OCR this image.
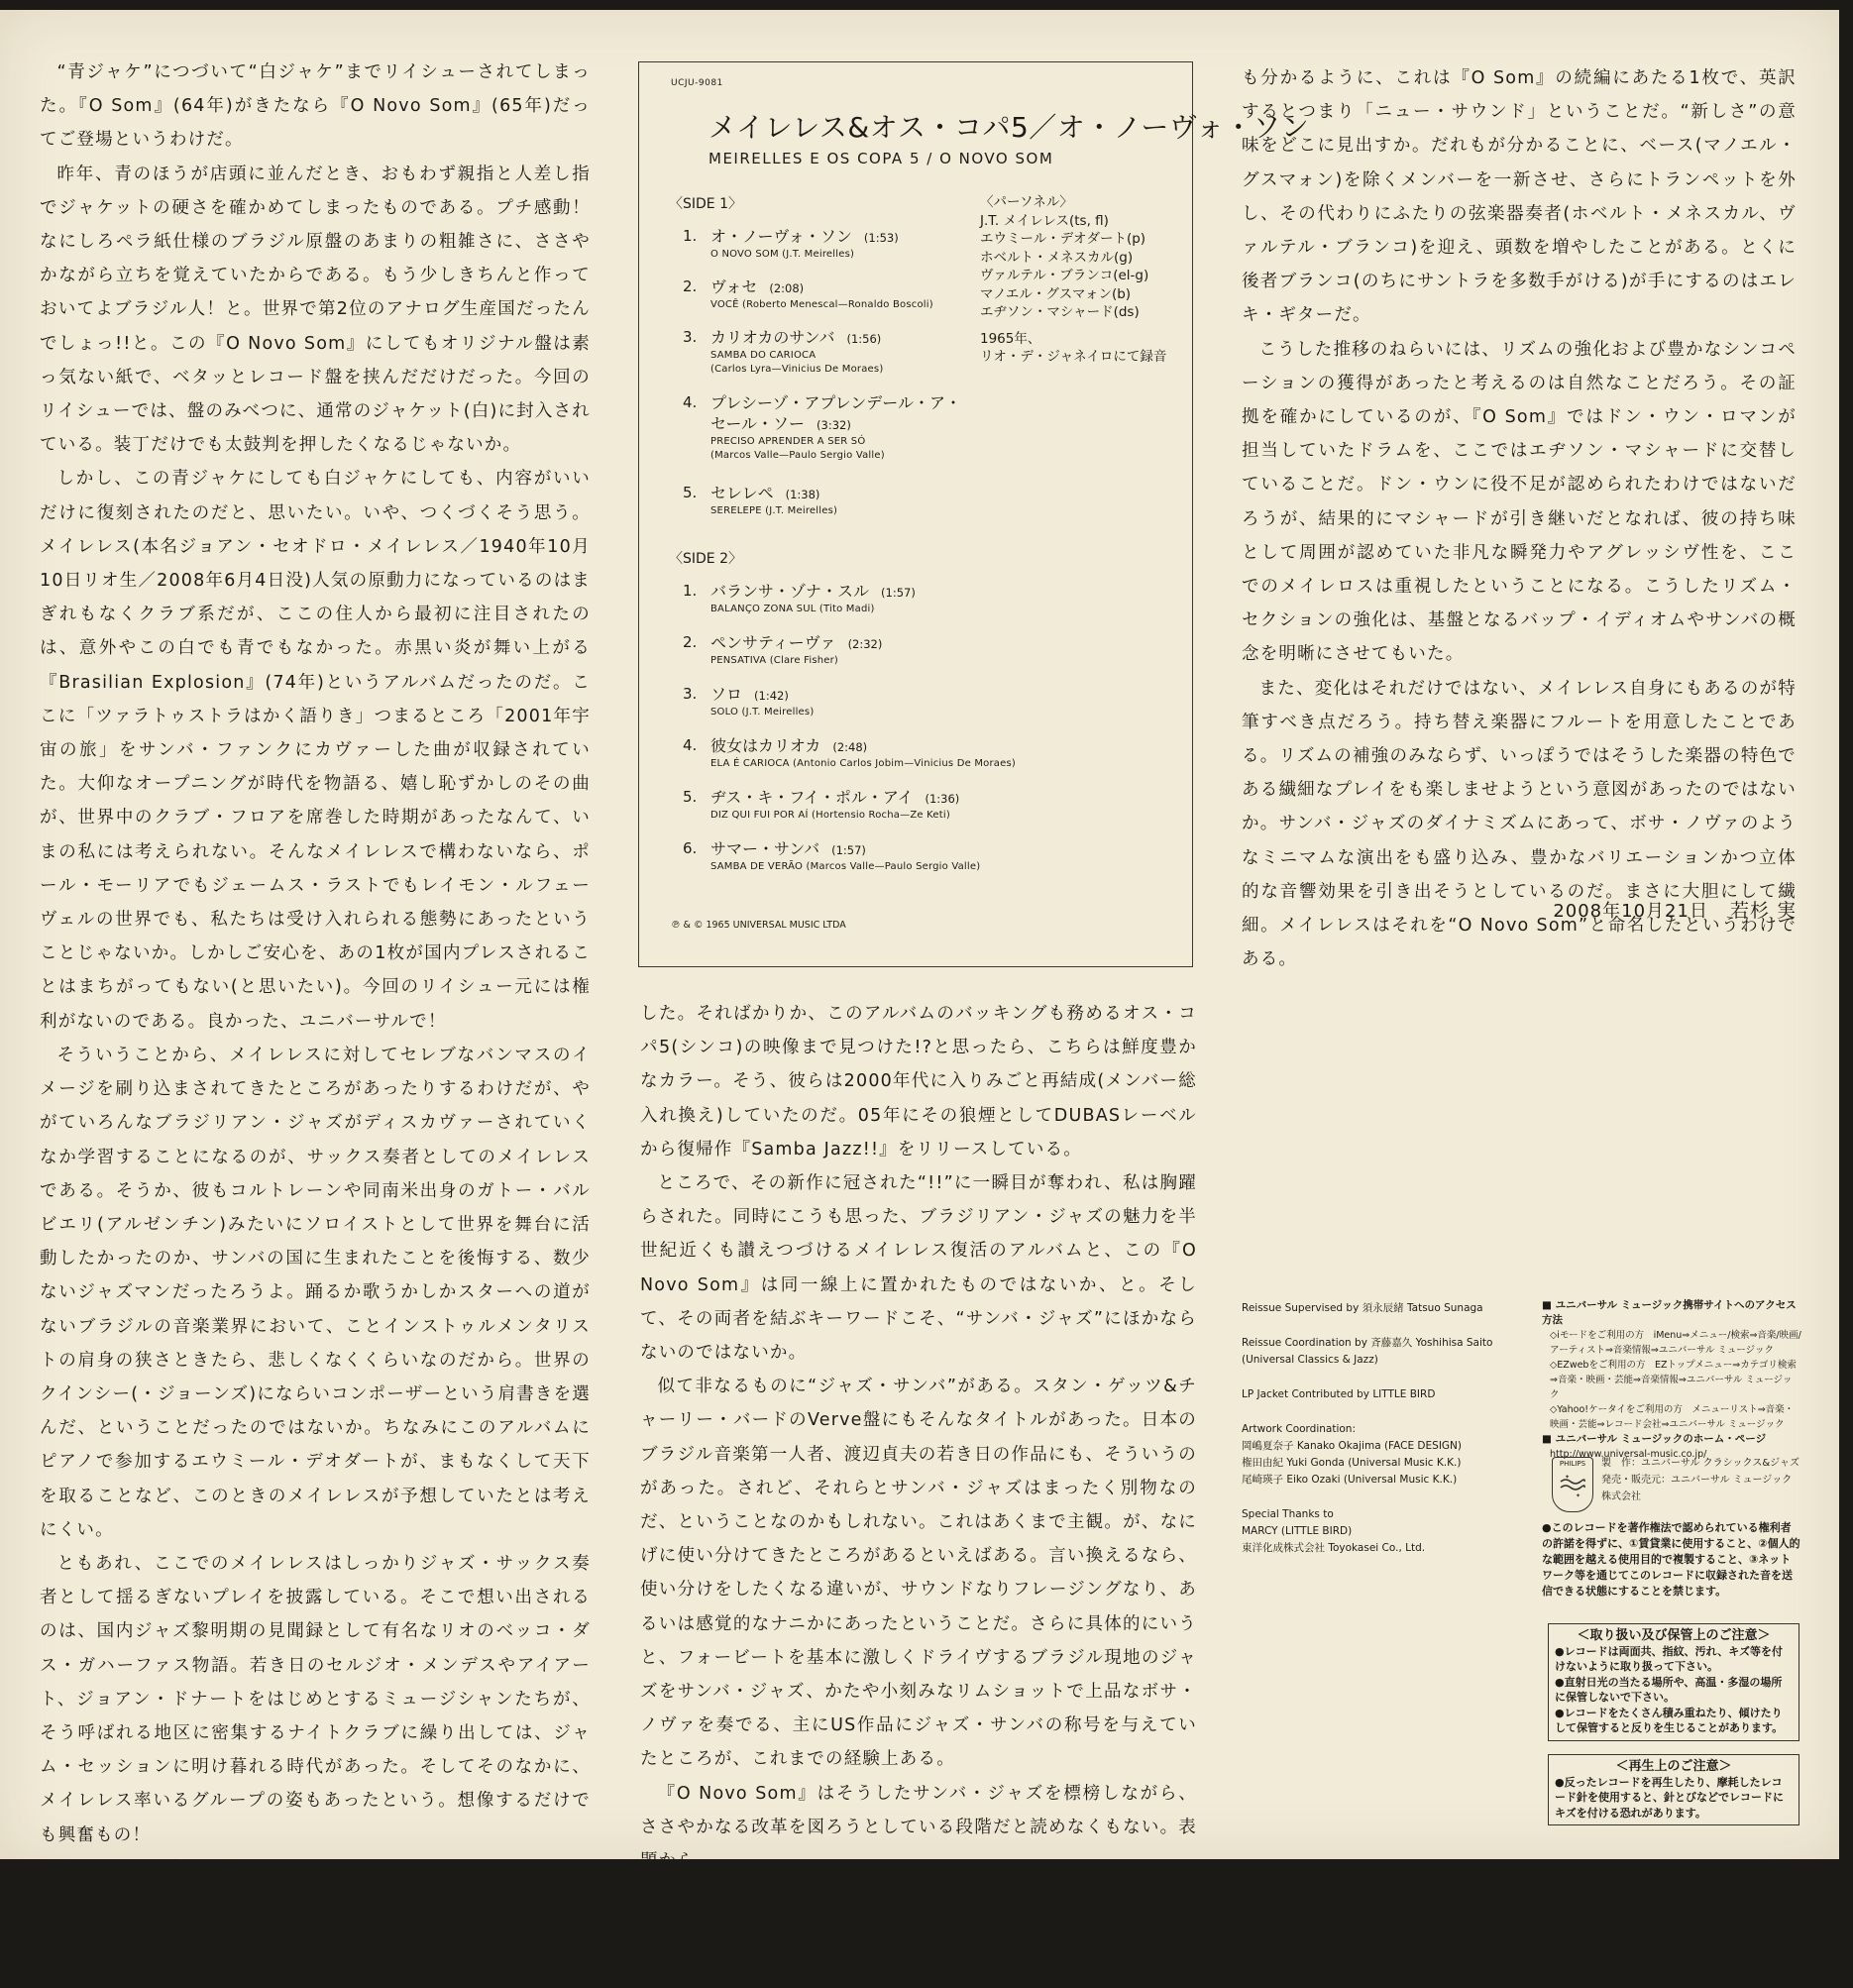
“青ジャケ”につづいて“白ジャケ”までリイシューされてしまった。『O Som』(64年)がきたなら『O Novo Som』(65年)だってご登場というわけだ。

昨年、青のほうが店頭に並んだとき、おもわず親指と人差し指でジャケットの硬さを確かめてしまったものである。プチ感動！ なにしろペラ紙仕様のブラジル原盤のあまりの粗雑さに、ささやかながら立ちを覚えていたからである。もう少しきちんと作っておいてよブラジル人！と。世界で第2位のアナログ生産国だったんでしょっ!!と。この『O Novo Som』にしてもオリジナル盤は素っ気ない紙で、ベタッとレコード盤を挟んだだけだった。今回のリイシューでは、盤のみべつに、通常のジャケット(白)に封入されている。装丁だけでも太鼓判を押したくなるじゃないか。

しかし、この青ジャケにしても白ジャケにしても、内容がいいだけに復刻されたのだと、思いたい。いや、つくづくそう思う。メイレレス(本名ジョアン・セオドロ・メイレレス／1940年10月10日リオ生／2008年6月4日没)人気の原動力になっているのはまぎれもなくクラブ系だが、ここの住人から最初に注目されたのは、意外やこの白でも青でもなかった。赤黒い炎が舞い上がる『Brasilian Explosion』(74年)というアルバムだったのだ。ここに「ツァラトゥストラはかく語りき」つまるところ「2001年宇宙の旅」をサンバ・ファンクにカヴァーした曲が収録されていた。大仰なオープニングが時代を物語る、嬉し恥ずかしのその曲が、世界中のクラブ・フロアを席巻した時期があったなんて、いまの私には考えられない。そんなメイレレスで構わないなら、ポール・モーリアでもジェームス・ラストでもレイモン・ルフェーヴェルの世界でも、私たちは受け入れられる態勢にあったということじゃないか。しかしご安心を、あの1枚が国内プレスされることはまちがってもない(と思いたい)。今回のリイシュー元には権利がないのである。良かった、ユニバーサルで！

そういうことから、メイレレスに対してセレブなバンマスのイメージを刷り込まされてきたところがあったりするわけだが、やがていろんなブラジリアン・ジャズがディスカヴァーされていくなか学習することになるのが、サックス奏者としてのメイレレスである。そうか、彼もコルトレーンや同南米出身のガトー・バルビエリ(アルゼンチン)みたいにソロイストとして世界を舞台に活動したかったのか、サンバの国に生まれたことを後悔する、数少ないジャズマンだったろうよ。踊るか歌うかしかスターへの道がないブラジルの音楽業界において、ことインストゥルメンタリストの肩身の狭さときたら、悲しくなくくらいなのだから。世界のクインシー(・ジョーンズ)にならいコンポーザーという肩書きを選んだ、ということだったのではないか。ちなみにこのアルバムにピアノで参加するエウミール・デオダートが、まもなくして天下を取ることなど、このときのメイレレスが予想していたとは考えにくい。

ともあれ、ここでのメイレレスはしっかりジャズ・サックス奏者として揺るぎないプレイを披露している。そこで想い出されるのは、国内ジャズ黎明期の見聞録として有名なリオのベッコ・ダス・ガハーファス物語。若き日のセルジオ・メンデスやアイアート、ジョアン・ドナートをはじめとするミュージシャンたちが、そう呼ばれる地区に密集するナイトクラブに繰り出しては、ジャム・セッションに明け暮れる時代があった。そしてそのなかに、メイレレス率いるグループの姿もあったという。想像するだけでも興奮もの！

もちろんキー打ちしましたとも、なにかあるかしらん、と。そしたらめでたくもYouTubeをヒット！ 黒人ジャズ・ピアニスト、ドン・サルヴァドールのトリオをバックにフルート演奏するモノクロを発見

UCJU-9081
メイレレス&オス・コパ5／オ・ノーヴォ・ソン
MEIRELLES E OS COPA 5 / O NOVO SOM
〈SIDE 1〉
1. オ・ノーヴォ・ソン (1:53)
O NOVO SOM (J.T. Meirelles)
2. ヴォセ (2:08)
VOCÊ (Roberto Menescal—Ronaldo Boscoli)
3. カリオカのサンバ (1:56)
SAMBA DO CARIOCA
(Carlos Lyra—Vinicius De Moraes)
4. プレシーゾ・アプレンデール・ア・
セール・ソー (3:32)
PRECISO APRENDER A SER SÓ
(Marcos Valle—Paulo Sergio Valle)
5. セレレペ (1:38)
SERELEPE (J.T. Meirelles)
〈SIDE 2〉
1. バランサ・ゾナ・スル (1:57)
BALANÇO ZONA SUL (Tito Madi)
2. ペンサティーヴァ (2:32)
PENSATIVA (Clare Fisher)
3. ソロ (1:42)
SOLO (J.T. Meirelles)
4. 彼女はカリオカ (2:48)
ELA É CARIOCA (Antonio Carlos Jobim—Vinicius De Moraes)
5. ヂス・キ・フイ・ポル・アイ (1:36)
DIZ QUI FUI POR AÍ (Hortensio Rocha—Ze Keti)
6. サマー・サンバ (1:57)
SAMBA DE VERÃO (Marcos Valle—Paulo Sergio Valle)
〈パーソネル〉
J.T. メイレレス(ts, fl)
エウミール・デオダート(p)
ホベルト・メネスカル(g)
ヴァルテル・ブランコ(el-g)
マノエル・グスマォン(b)
エヂソン・マシャード(ds)
1965年、
リオ・デ・ジャネイロにて録音
℗ & © 1965 UNIVERSAL MUSIC LTDA

した。そればかりか、このアルバムのバッキングも務めるオス・コパ5(シンコ)の映像まで見つけた!?と思ったら、こちらは鮮度豊かなカラー。そう、彼らは2000年代に入りみごと再結成(メンバー総入れ換え)していたのだ。05年にその狼煙としてDUBASレーベルから復帰作『Samba Jazz!!』をリリースしている。

ところで、その新作に冠された“!!”に一瞬目が奪われ、私は胸躍らされた。同時にこうも思った、ブラジリアン・ジャズの魅力を半世紀近くも讃えつづけるメイレレス復活のアルバムと、この『O Novo Som』は同一線上に置かれたものではないか、と。そして、その両者を結ぶキーワードこそ、“サンバ・ジャズ”にほかならないのではないか。

似て非なるものに“ジャズ・サンバ”がある。スタン・ゲッツ&チャーリー・バードのVerve盤にもそんなタイトルがあった。日本のブラジル音楽第一人者、渡辺貞夫の若き日の作品にも、そういうのがあった。されど、それらとサンバ・ジャズはまったく別物なのだ、ということなのかもしれない。これはあくまで主観。が、なにげに使い分けてきたところがあるといえばある。言い換えるなら、使い分けをしたくなる違いが、サウンドなりフレージングなり、あるいは感覚的なナニかにあったということだ。さらに具体的にいうと、フォービートを基本に激しくドライヴするブラジル現地のジャズをサンバ・ジャズ、かたや小刻みなリムショットで上品なボサ・ノヴァを奏でる、主にUS作品にジャズ・サンバの称号を与えていたところが、これまでの経験上ある。

『O Novo Som』はそうしたサンバ・ジャズを標榜しながら、ささやかなる改革を図ろうとしている段階だと読めなくもない。表題から

も分かるように、これは『O Som』の続編にあたる1枚で、英訳するとつまり「ニュー・サウンド」ということだ。“新しさ”の意味をどこに見出すか。だれもが分かることに、ベース(マノエル・グスマォン)を除くメンバーを一新させ、さらにトランペットを外し、その代わりにふたりの弦楽器奏者(ホベルト・メネスカル、ヴァルテル・ブランコ)を迎え、頭数を増やしたことがある。とくに後者ブランコ(のちにサントラを多数手がける)が手にするのはエレキ・ギターだ。

こうした推移のねらいには、リズムの強化および豊かなシンコペーションの獲得があったと考えるのは自然なことだろう。その証拠を確かにしているのが、『O Som』ではドン・ウン・ロマンが担当していたドラムを、ここではエヂソン・マシャードに交替していることだ。ドン・ウンに役不足が認められたわけではないだろうが、結果的にマシャードが引き継いだとなれば、彼の持ち味として周囲が認めていた非凡な瞬発力やアグレッシヴ性を、ここでのメイレロスは重視したということになる。こうしたリズム・セクションの強化は、基盤となるバップ・イディオムやサンバの概念を明晰にさせてもいた。

また、変化はそれだけではない、メイレレス自身にもあるのが特筆すべき点だろう。持ち替え楽器にフルートを用意したことである。リズムの補強のみならず、いっぽうではそうした楽器の特色である繊細なプレイをも楽しませようという意図があったのではないか。サンバ・ジャズのダイナミズムにあって、ボサ・ノヴァのようなミニマムな演出をも盛り込み、豊かなバリエーションかつ立体的な音響効果を引き出そうとしているのだ。まさに大胆にして繊細。メイレレスはそれを“O Novo Som”と命名したというわけである。

2008年10月21日 若杉 実
Reissue Supervised by 須永辰緒 Tatsuo Sunaga
Reissue Coordination by 斉藤嘉久 Yoshihisa Saito
(Universal Classics & Jazz)
LP Jacket Contributed by LITTLE BIRD
Artwork Coordination:
岡嶋夏奈子 Kanako Okajima (FACE DESIGN)
権田由紀 Yuki Gonda (Universal Music K.K.)
尾崎瑛子 Eiko Ozaki (Universal Music K.K.)
Special Thanks to
MARCY (LITTLE BIRD)
東洋化成株式会社 Toyokasei Co., Ltd.
■ ユニバーサル ミュージック携帯サイトへのアクセス方法
◇iモードをご利用の方　iMenu⇒メニュー/検索⇒音楽/映画/アーティスト⇒音楽情報⇒ユニバーサル ミュージック
◇EZwebをご利用の方　EZトップメニュー⇒カテゴリ検索⇒音楽・映画・芸能⇒音楽情報⇒ユニバーサル ミュージック
◇Yahoo!ケータイをご利用の方　メニューリスト⇒音楽・映画・芸能⇒レコード会社⇒ユニバーサル ミュージック
■ ユニバーサル ミュージックのホーム・ページ
http://www.universal-music.co.jp/
PHILIPS
✦
✦
製　作：ユニバーサル クラシックス&ジャズ
発売・販売元：ユニバーサル ミュージック株式会社
●このレコードを著作権法で認められている権利者の許諾を得ずに、①賃貸業に使用すること、②個人的な範囲を越える使用目的で複製すること、③ネットワーク等を通じてこのレコードに収録された音を送信できる状態にすることを禁じます。
＜取り扱い及び保管上のご注意＞
●レコードは両面共、指紋、汚れ、キズ等を付けないように取り扱って下さい。
●直射日光の当たる場所や、高温・多湿の場所に保管しないで下さい。
●レコードをたくさん積み重ねたり、傾けたりして保管すると反りを生じることがあります。
＜再生上のご注意＞
●反ったレコードを再生したり、摩耗したレコード針を使用すると、針とびなどでレコードにキズを付ける恐れがあります。
